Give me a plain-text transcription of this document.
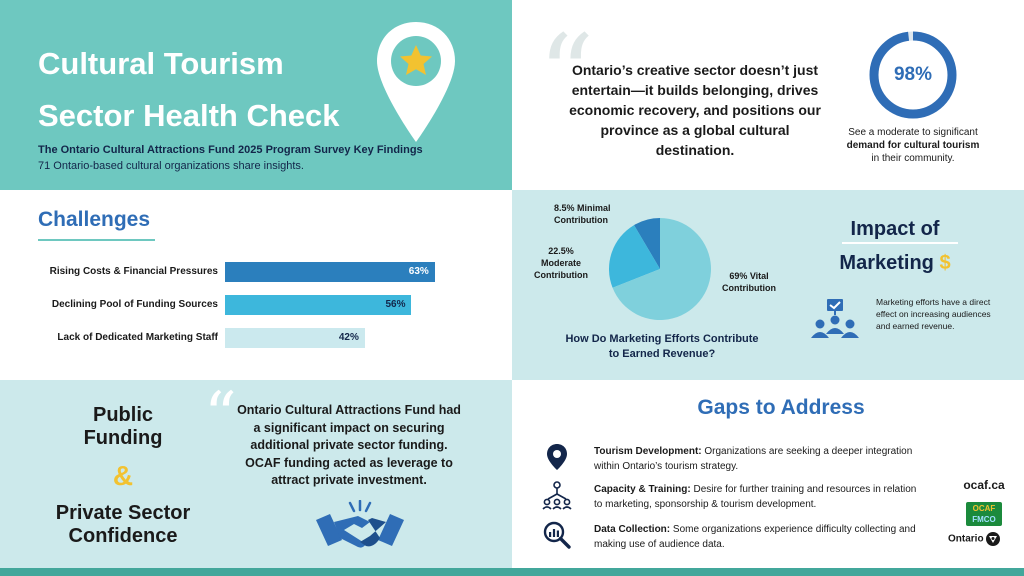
Cultural Tourism
Sector Health Check
The Ontario Cultural Attractions Fund 2025 Program Survey Key Findings
71 Ontario-based cultural organizations share insights.
“
Ontario’s creative sector doesn’t just entertain—it builds belonging, drives economic recovery, and positions our province as a global cultural destination.
98%
See a moderate to significant
demand for cultural tourism
in their community.
Challenges
Rising Costs & Financial Pressures	63%
Declining Pool of Funding Sources	56%
Lack of Dedicated Marketing Staff	42%
8.5% Minimal
Contribution
22.5%
Moderate
Contribution	69% Vital
Contribution
How Do Marketing Efforts Contribute to Earned Revenue?
Impact of
Marketing $
Marketing efforts have a direct effect on increasing audiences and earned revenue.
Public
Funding
&
Private Sector
Confidence
“ Ontario Cultural Attractions Fund had a significant impact on securing additional private sector funding. OCAF funding acted as leverage to attract private investment.
Gaps to Address
Tourism Development: Organizations are seeking a deeper integration within Ontario’s tourism strategy.
Capacity & Training: Desire for further training and resources in relation to marketing, sponsorship & tourism development.
Data Collection: Some organizations experience difficulty collecting and making use of audience data.
ocaf.ca
OCAF
FMCO
Ontario
